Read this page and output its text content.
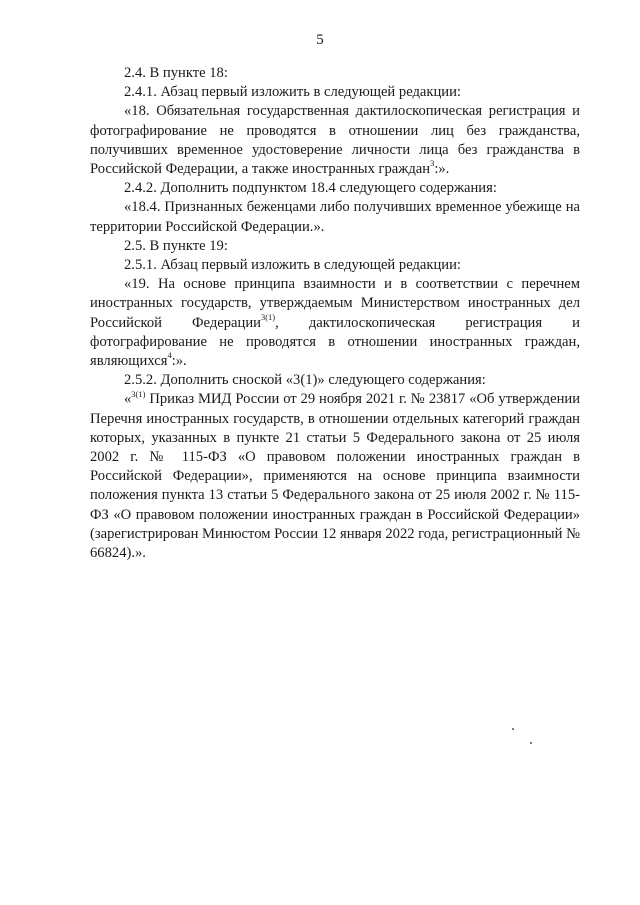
5

2.4. В пункте 18:

2.4.1. Абзац первый изложить в следующей редакции:

«18. Обязательная государственная дактилоскопическая регистрация и фотографирование не проводятся в отношении лиц без гражданства, получивших временное удостоверение личности лица без гражданства в Российской Федерации, а также иностранных граждан$^3$:».

2.4.2. Дополнить подпунктом 18.4 следующего содержания:

«18.4. Признанных беженцами либо получивших временное убежище на территории Российской Федерации.».

2.5. В пункте 19:

2.5.1. Абзац первый изложить в следующей редакции:

«19. На основе принципа взаимности и в соответствии с перечнем иностранных государств, утверждаемым Министерством иностранных дел Российской Федерации$^{3(1)}$, дактилоскопическая регистрация и фотографирование не проводятся в отношении иностранных граждан, являющихся$^4$:».

2.5.2. Дополнить сноской «3(1)» следующего содержания:

«$^{3(1)}$ Приказ МИД России от 29 ноября 2021 г. № 23817 «Об утверждении Перечня иностранных государств, в отношении отдельных категорий граждан которых, указанных в пункте 21 статьи 5 Федерального закона от 25 июля 2002 г. № 115-ФЗ «О правовом положении иностранных граждан в Российской Федерации», применяются на основе принципа взаимности положения пункта 13 статьи 5 Федерального закона от 25 июля 2002 г. № 115-ФЗ «О правовом положении иностранных граждан в Российской Федерации» (зарегистрирован Минюстом России 12 января 2022 года, регистрационный № 66824).».
